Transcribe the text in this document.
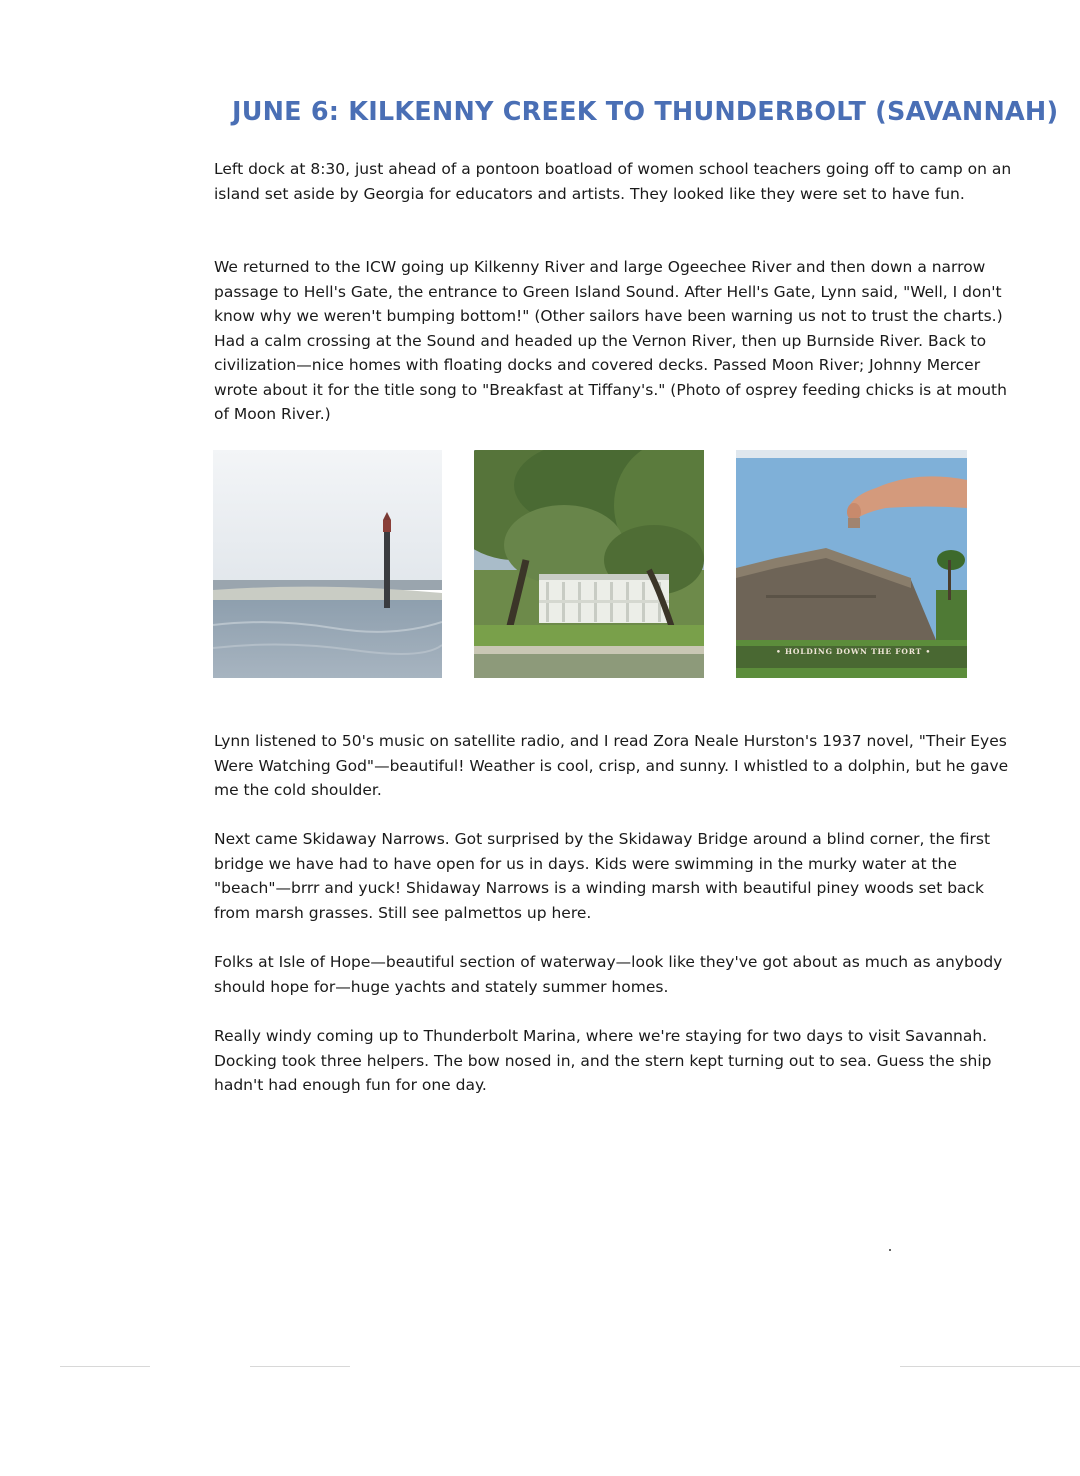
JUNE 6: KILKENNY CREEK TO THUNDERBOLT (SAVANNAH)

Left dock at 8:30, just ahead of a pontoon boatload of women school teachers going off to camp on an island set aside by Georgia for educators and artists. They looked like they were set to have fun.

We returned to the ICW going up Kilkenny River and large Ogeechee River and then down a narrow passage to Hell's Gate, the entrance to Green Island Sound. After Hell's Gate, Lynn said, "Well, I don't know why we weren't bumping bottom!" (Other sailors have been warning us not to trust the charts.) Had a calm crossing at the Sound and headed up the Vernon River, then up Burnside River. Back to civilization—nice homes with floating docks and covered decks. Passed Moon River; Johnny Mercer wrote about it for the title song to "Breakfast at Tiffany's." (Photo of osprey feeding chicks is at mouth of Moon River.)

• HOLDING DOWN THE FORT •

Lynn listened to 50's music on satellite radio, and I read Zora Neale Hurston's 1937 novel, "Their Eyes Were Watching God"—beautiful! Weather is cool, crisp, and sunny. I whistled to a dolphin, but he gave me the cold shoulder.

Next came Skidaway Narrows. Got surprised by the Skidaway Bridge around a blind corner, the first bridge we have had to have open for us in days. Kids were swimming in the murky water at the "beach"—brrr and yuck! Shidaway Narrows is a winding marsh with beautiful piney woods set back from marsh grasses. Still see palmettos up here.

Folks at Isle of Hope—beautiful section of waterway—look like they've got about as much as anybody should hope for—huge yachts and stately summer homes.

Really windy coming up to Thunderbolt Marina, where we're staying for two days to visit Savannah. Docking took three helpers. The bow nosed in, and the stern kept turning out to sea. Guess the ship hadn't had enough fun for one day.
